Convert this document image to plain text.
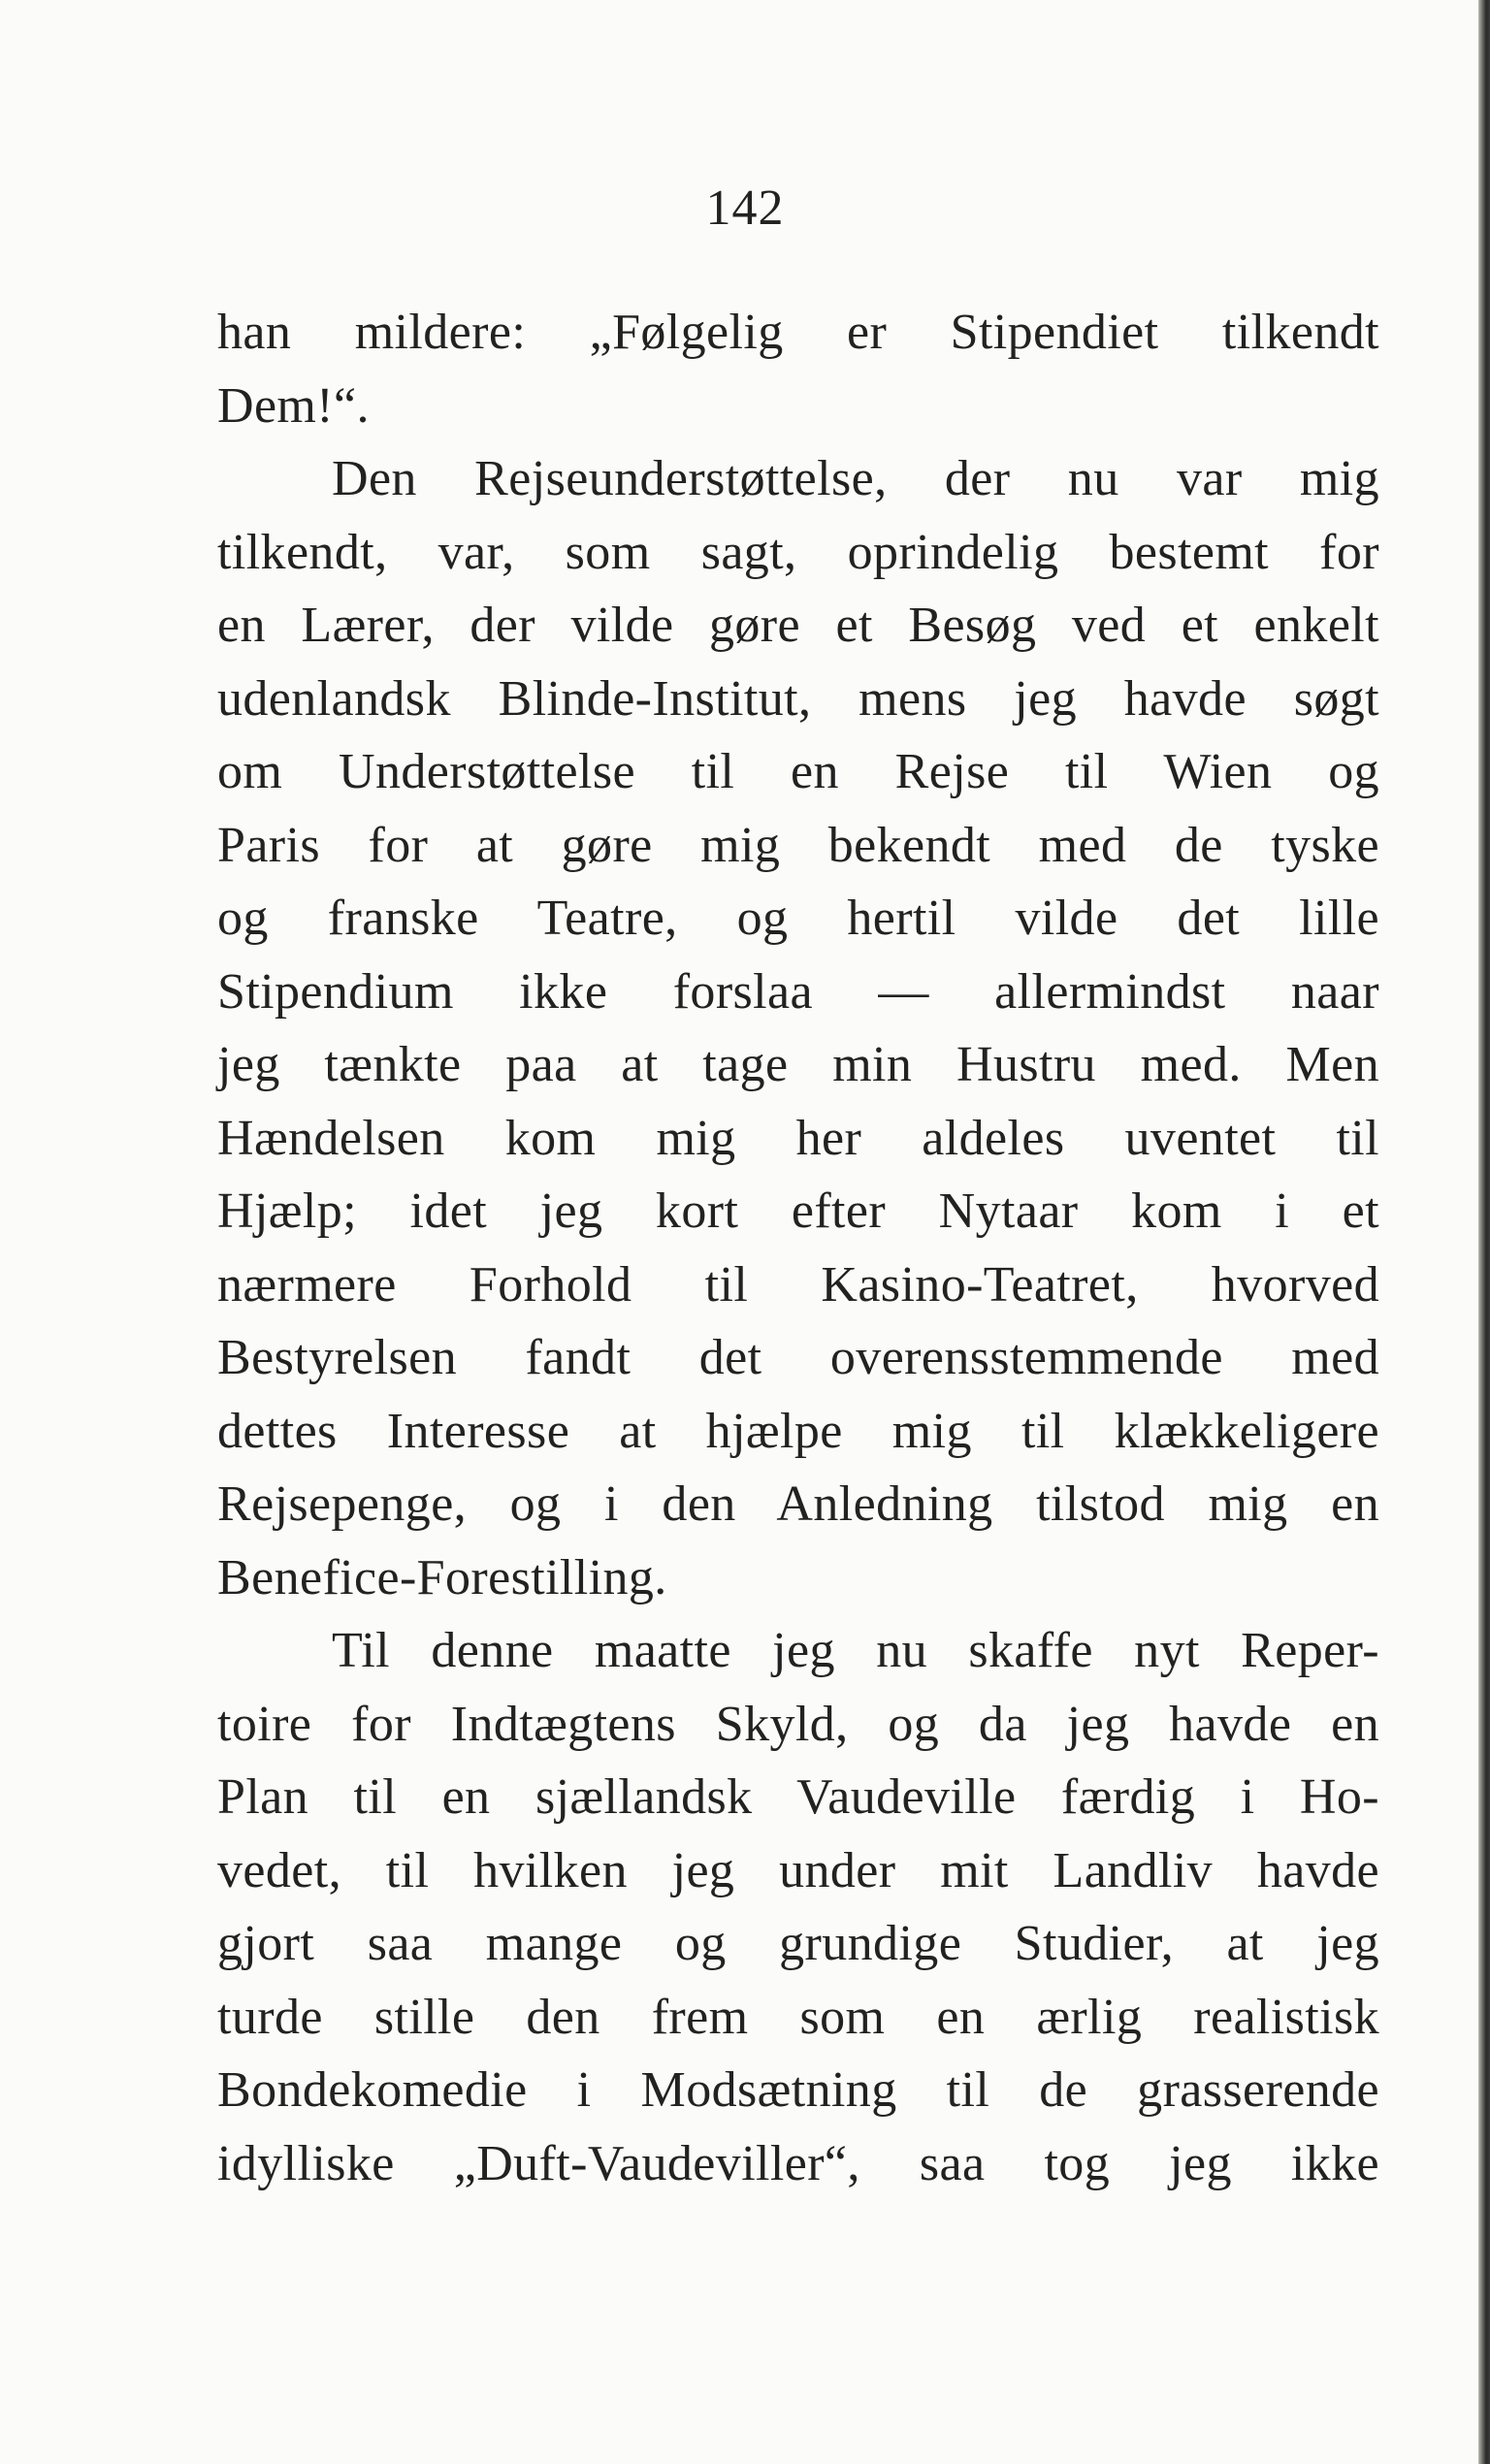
142
han mildere: „Følgelig er Stipendiet tilkendt
Dem!“.
Den Rejseunderstøttelse, der nu var mig
tilkendt, var, som sagt, oprindelig bestemt for
en Lærer, der vilde gøre et Besøg ved et enkelt
udenlandsk Blinde-Institut, mens jeg havde søgt
om Understøttelse til en Rejse til Wien og
Paris for at gøre mig bekendt med de tyske
og franske Teatre, og hertil vilde det lille
Stipendium ikke forslaa — allermindst naar
jeg tænkte paa at tage min Hustru med. Men
Hændelsen kom mig her aldeles uventet til
Hjælp; idet jeg kort efter Nytaar kom i et
nærmere Forhold til Kasino-Teatret, hvorved
Bestyrelsen fandt det overensstemmende med
dettes Interesse at hjælpe mig til klækkeligere
Rejsepenge, og i den Anledning tilstod mig en
Benefice-Forestilling.
Til denne maatte jeg nu skaffe nyt Reper-
toire for Indtægtens Skyld, og da jeg havde en
Plan til en sjællandsk Vaudeville færdig i Ho-
vedet, til hvilken jeg under mit Landliv havde
gjort saa mange og grundige Studier, at jeg
turde stille den frem som en ærlig realistisk
Bondekomedie i Modsætning til de grasserende
idylliske „Duft-Vaudeviller“, saa tog jeg ikke
